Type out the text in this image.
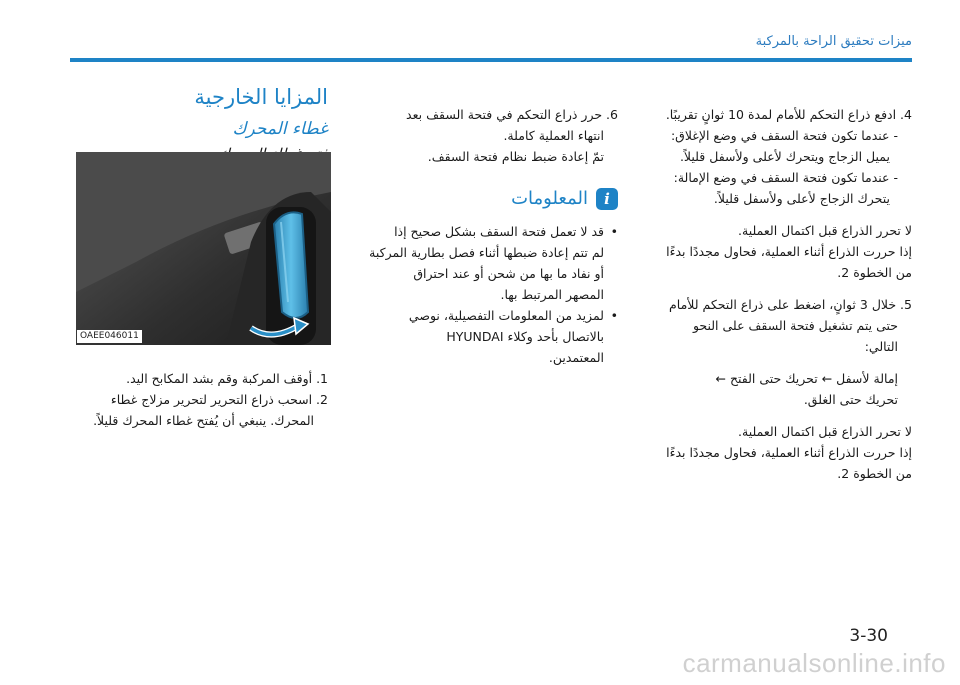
ميزات تحقيق الراحة بالمركبة

4. ادفع ذراع التحكم للأمام لمدة 10 ثوانٍ تقريبًا.

- عندما تكون فتحة السقف في وضع الإغلاق:

يميل الزجاج ويتحرك لأعلى ولأسفل قليلاً.

- عندما تكون فتحة السقف في وضع الإمالة:

يتحرك الزجاج لأعلى ولأسفل قليلاً.

لا تحرر الذراع قبل اكتمال العملية.

إذا حررت الذراع أثناء العملية، فحاول مجددًا بدءًا

من الخطوة 2.

5. خلال 3 ثوانٍ، اضغط على ذراع التحكم للأمام

حتى يتم تشغيل فتحة السقف على النحو

التالي:

إمالة لأسفل ← تحريك حتى الفتح ←

تحريك حتى الغلق.

لا تحرر الذراع قبل اكتمال العملية.

إذا حررت الذراع أثناء العملية، فحاول مجددًا بدءًا

من الخطوة 2.

6. حرر ذراع التحكم في فتحة السقف بعد

انتهاء العملية كاملة.

تمّ إعادة ضبط نظام فتحة السقف.

i
المعلومات

• قد لا تعمل فتحة السقف بشكل صحيح إذا

لم تتم إعادة ضبطها أثناء فصل بطارية المركبة

أو نفاد ما بها من شحن أو عند احتراق

المصهر المرتبط بها.

• لمزيد من المعلومات التفصيلية، نوصي

بالاتصال بأحد وكلاء HYUNDAI

المعتمدين.

المزايا الخارجية
غطاء المحرك
OAEE046011

1. أوقف المركبة وقم بشد المكابح اليد.

2. اسحب ذراع التحرير لتحرير مزلاج غطاء

المحرك. ينبغي أن يُفتح غطاء المحرك قليلاً.

3-30
carmanualsonline.info
